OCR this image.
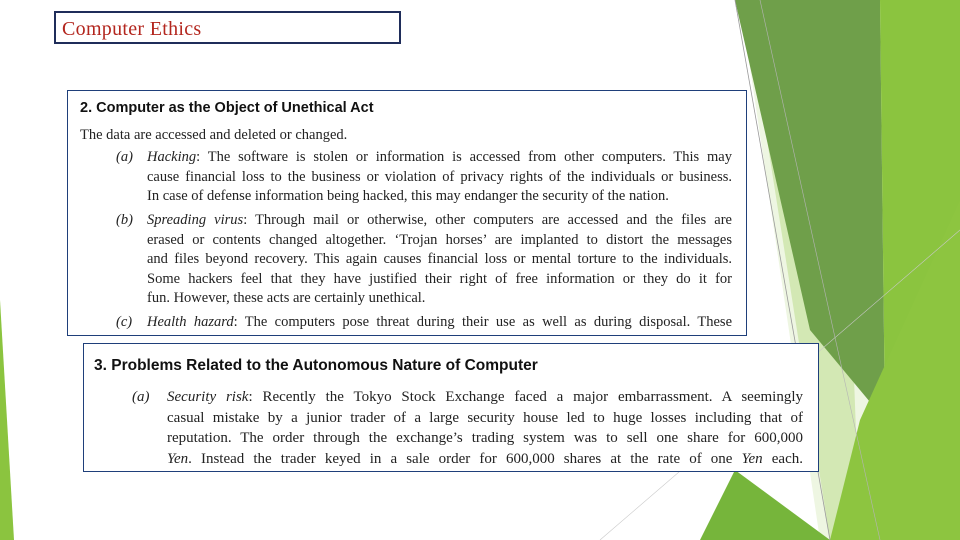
Computer Ethics
2. Computer as the Object of Unethical Act
The data are accessed and deleted or changed.
(a) Hacking: The software is stolen or information is accessed from other computers. This may
cause financial loss to the business or violation of privacy rights of the individuals or business.
In case of defense information being hacked, this may endanger the security of the nation.
(b) Spreading virus: Through mail or otherwise, other computers are accessed and the files are
erased or contents changed altogether. ‘Trojan horses’ are implanted to distort the messages
and files beyond recovery. This again causes financial loss or mental torture to the individuals.
Some hackers feel that they have justified their right of free information or they do it for
fun. However, these acts are certainly unethical.
(c) Health hazard: The computers pose threat during their use as well as during disposal. These
3. Problems Related to the Autonomous Nature of Computer
(a) Security risk: Recently the Tokyo Stock Exchange faced a major embarrassment. A seemingly
casual mistake by a junior trader of a large security house led to huge losses including that of
reputation. The order through the exchange’s trading system was to sell one share for 600,000
Yen. Instead the trader keyed in a sale order for 600,000 shares at the rate of one Yen each.
